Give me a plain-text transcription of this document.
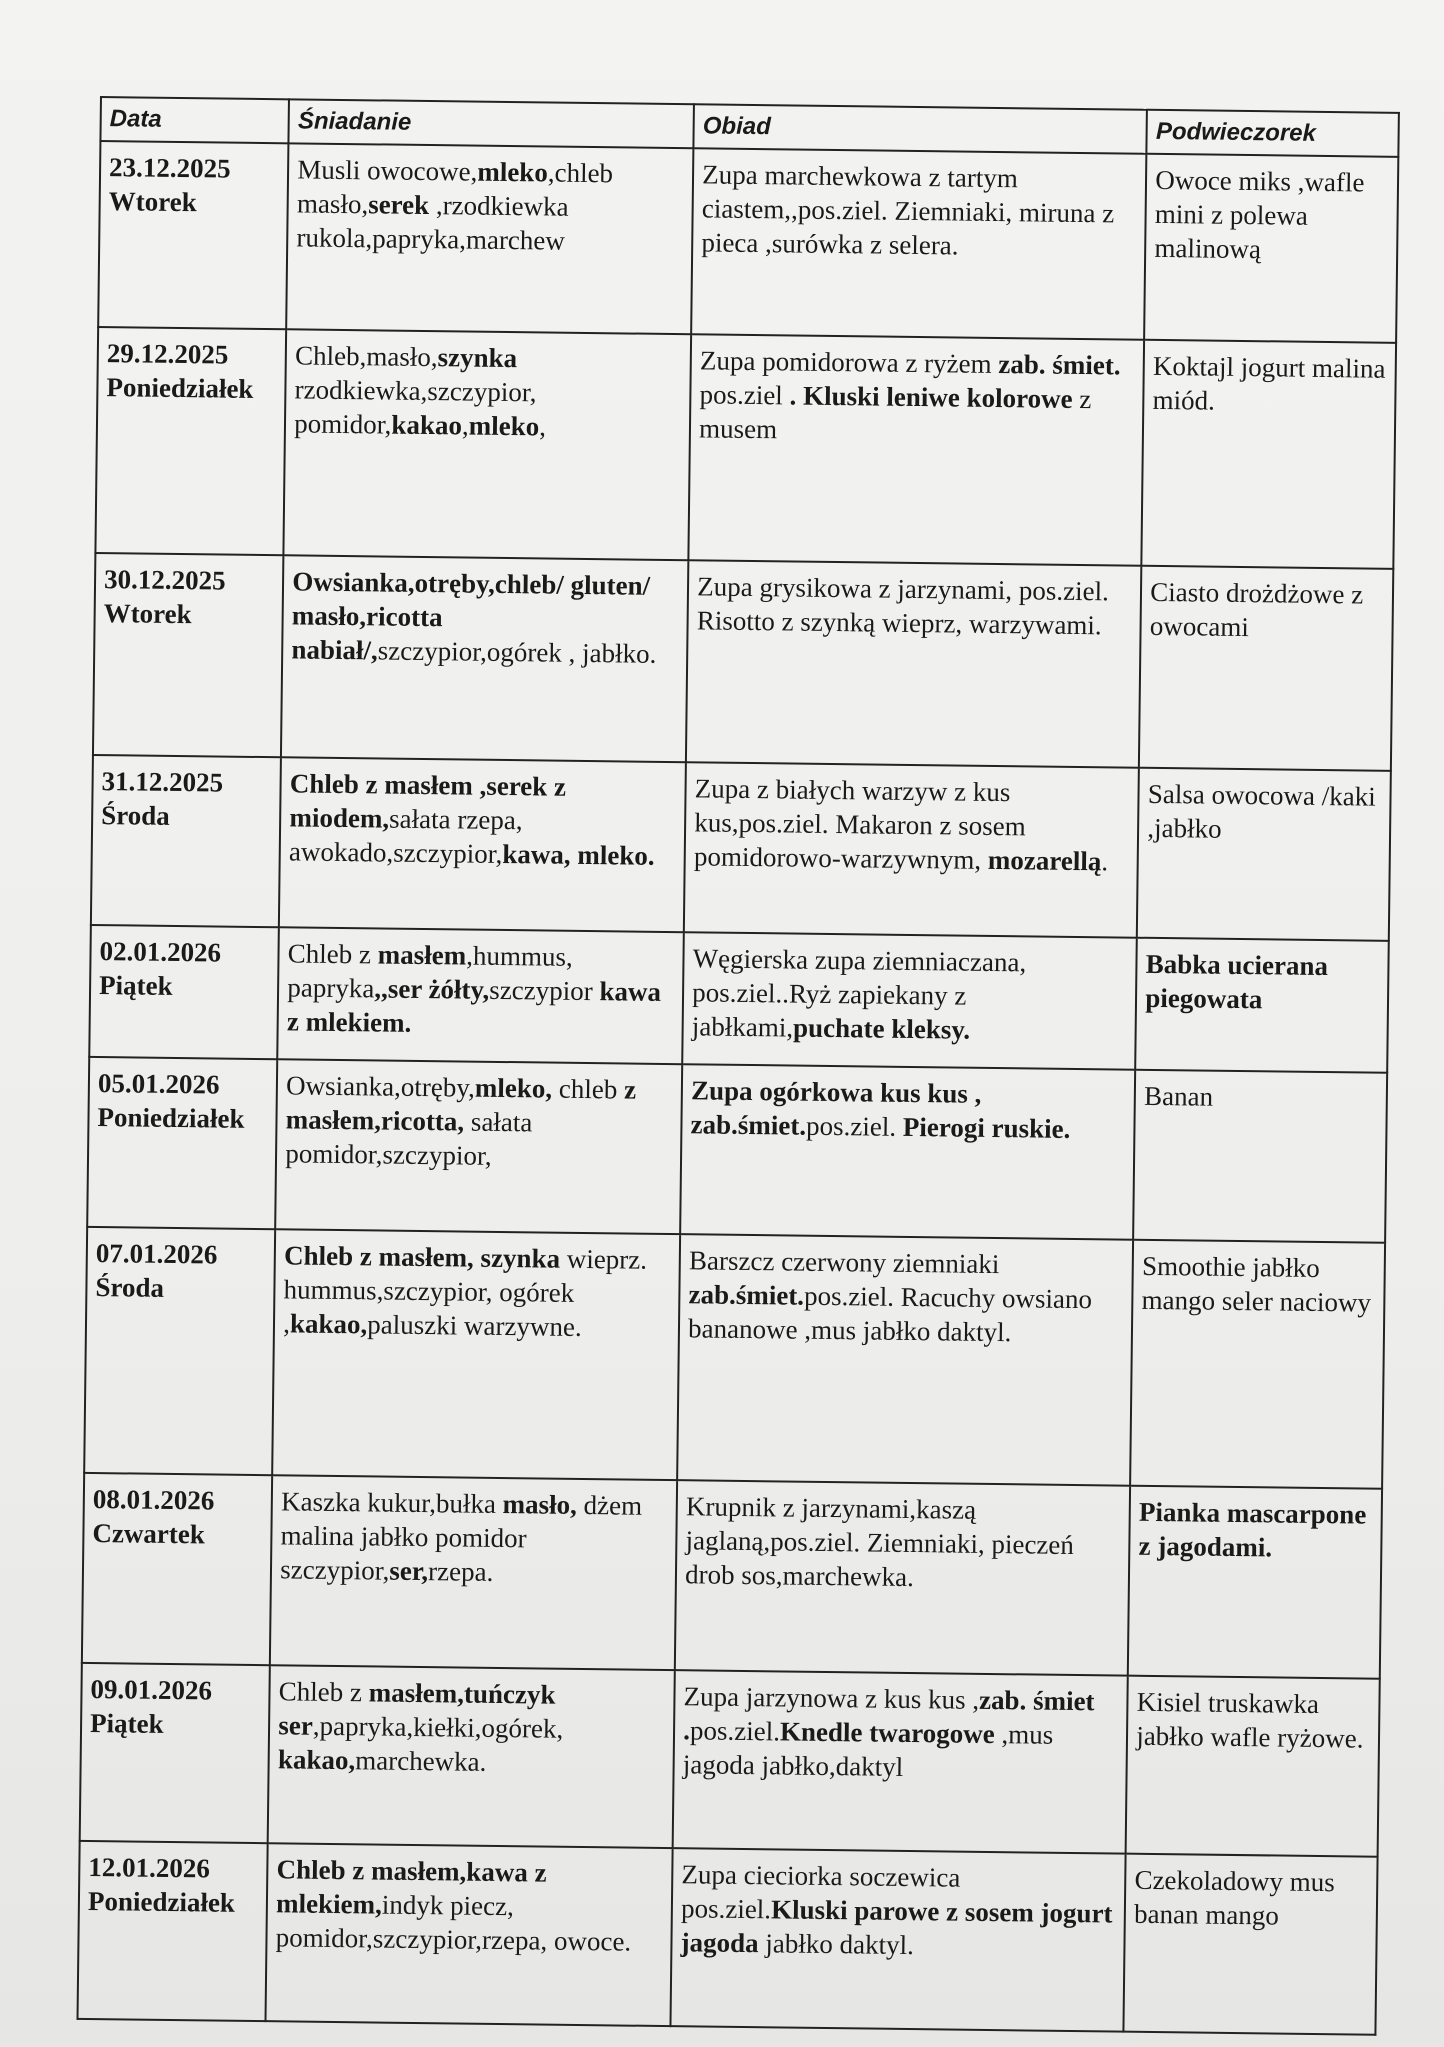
Data	Śniadanie	Obiad	Podwieczorek

23.12.2025
Wtorek	Musli owocowe,mleko,chleb masło,serek ,rzodkiewka rukola,papryka,marchew	Zupa marchewkowa z tartym ciastem,,pos.ziel. Ziemniaki, miruna z pieca ,surówka z selera.	Owoce miks ,wafle mini z polewa malinową

29.12.2025
Poniedziałek	Chleb,masło,szynka rzodkiewka,szczypior, pomidor,kakao,mleko,	Zupa pomidorowa z ryżem zab. śmiet. pos.ziel . Kluski leniwe kolorowe z musem	Koktajl jogurt malina miód.

30.12.2025
Wtorek	Owsianka,otręby,chleb/ gluten/ masło,ricotta nabiał/,szczypior,ogórek , jabłko.	Zupa grysikowa z jarzynami, pos.ziel. Risotto z szynką wieprz, warzywami.	Ciasto drożdżowe z owocami

31.12.2025
Środa	Chleb z masłem ,serek z miodem,sałata rzepa, awokado,szczypior,kawa, mleko.	Zupa z białych warzyw z kus kus,pos.ziel. Makaron z sosem pomidorowo-warzywnym, mozarellą.	Salsa owocowa /kaki ,jabłko

02.01.2026
Piątek	Chleb z masłem,hummus, papryka,,ser żółty,szczypior kawa z mlekiem.	Węgierska zupa ziemniaczana, pos.ziel..Ryż zapiekany z jabłkami,puchate kleksy.	Babka ucierana piegowata

05.01.2026
Poniedziałek	Owsianka,otręby,mleko, chleb z masłem,ricotta, sałata pomidor,szczypior,	Zupa ogórkowa kus kus , zab.śmiet.pos.ziel. Pierogi ruskie.	Banan

07.01.2026
Środa	Chleb z masłem, szynka wieprz. hummus,szczypior, ogórek ,kakao,paluszki warzywne.	Barszcz czerwony ziemniaki zab.śmiet.pos.ziel. Racuchy owsiano bananowe ,mus jabłko daktyl.	Smoothie jabłko mango seler naciowy

08.01.2026
Czwartek	Kaszka kukur,bułka masło, dżem malina jabłko pomidor szczypior,ser,rzepa.	Krupnik z jarzynami,kaszą jaglaną,pos.ziel. Ziemniaki, pieczeń drob sos,marchewka.	Pianka mascarpone z jagodami.

09.01.2026
Piątek	Chleb z masłem,tuńczyk ser,papryka,kiełki,ogórek, kakao,marchewka.	Zupa jarzynowa z kus kus ,zab. śmiet .pos.ziel.Knedle twarogowe ,mus jagoda jabłko,daktyl	Kisiel truskawka jabłko wafle ryżowe.

12.01.2026
Poniedziałek	Chleb z masłem,kawa z mlekiem,indyk piecz, pomidor,szczypior,rzepa, owoce.	Zupa cieciorka soczewica pos.ziel.Kluski parowe z sosem jogurt jagoda jabłko daktyl.	Czekoladowy mus banan mango
